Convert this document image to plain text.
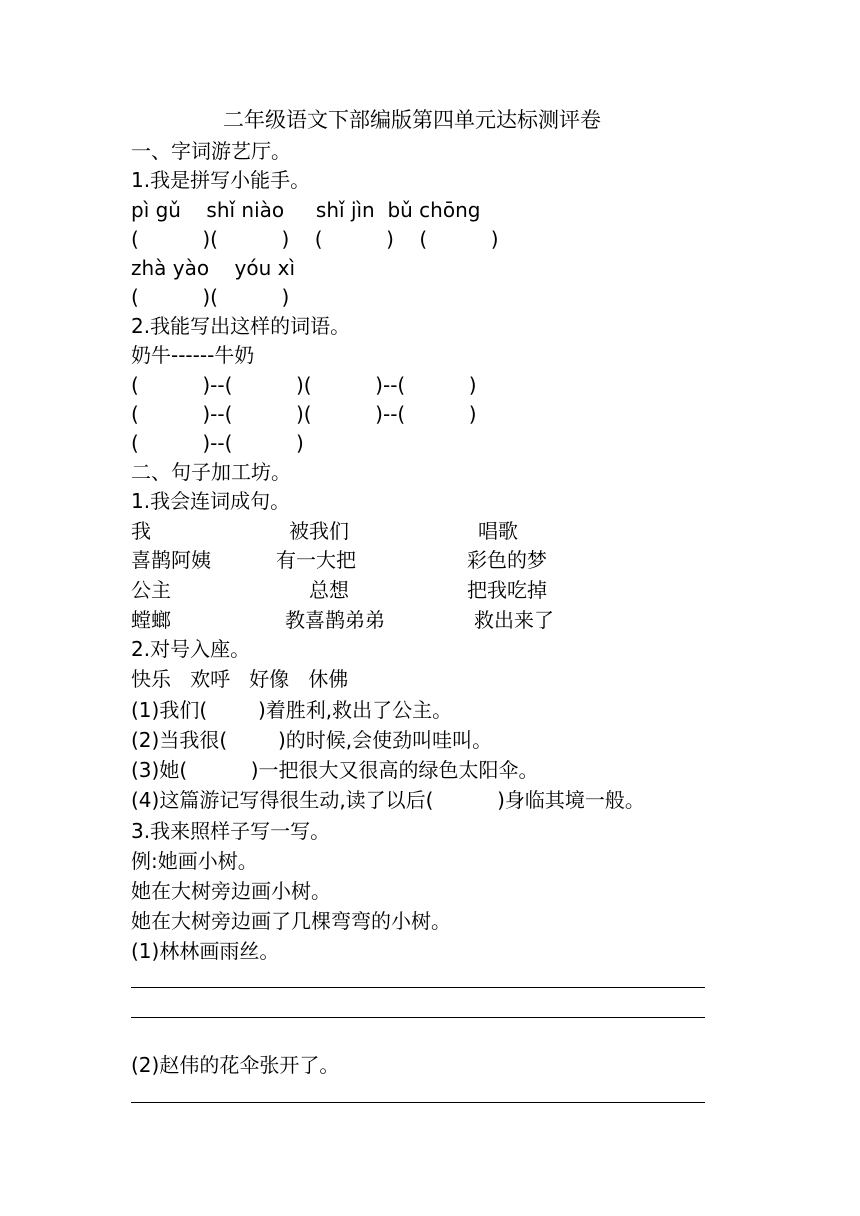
二年级语文下部编版第四单元达标测评卷
一、字词游艺厅。
1.我是拼写小能手。
pì gǔ    shǐ niào     shǐ jìn  bǔ chōng
(          )(          )    (          )    (          )
zhà yào    yóu xì
(          )(          )
2.我能写出这样的词语。
奶牛------牛奶
(          )--(          )(          )--(          )
(          )--(          )(          )--(          )
(          )--(          )
二、句子加工坊。
1.我会连词成句。
我	被我们	唱歌
喜鹊阿姨	有一大把	彩色的梦
公主	总想	把我吃掉
螳螂	教喜鹊弟弟	救出来了
2.对号入座。
快乐   欢呼   好像   休佛
(1)我们(        )着胜利,救出了公主。
(2)当我很(        )的时候,会使劲叫哇叫。
(3)她(          )一把很大又很高的绿色太阳伞。
(4)这篇游记写得很生动,读了以后(          )身临其境一般。
3.我来照样子写一写。
例:她画小树。
她在大树旁边画小树。
她在大树旁边画了几棵弯弯的小树。
(1)林林画雨丝。
(2)赵伟的花伞张开了。
